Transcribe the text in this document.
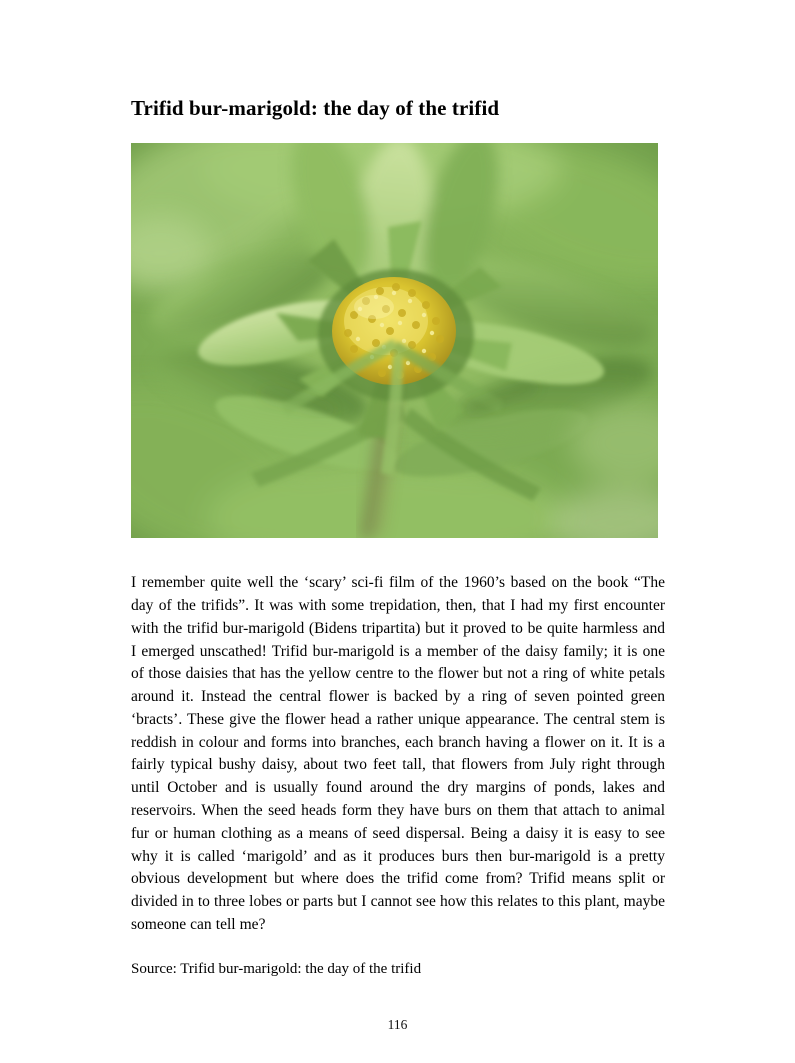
Trifid bur-marigold: the day of the trifid

I remember quite well the ‘scary’ sci-fi film of the 1960’s based on the book “The day of the trifids”. It was with some trepidation, then, that I had my first encounter with the trifid bur-marigold (Bidens tripartita) but it proved to be quite harmless and I emerged unscathed! Trifid bur-marigold is a member of the daisy family; it is one of those daisies that has the yellow centre to the flower but not a ring of white petals around it. Instead the central flower is backed by a ring of seven pointed green ‘bracts’. These give the flower head a rather unique appearance. The central stem is reddish in colour and forms into branches, each branch having a flower on it. It is a fairly typical bushy daisy, about two feet tall, that flowers from July right through until October and is usually found around the dry margins of ponds, lakes and reservoirs. When the seed heads form they have burs on them that attach to animal fur or human clothing as a means of seed dispersal. Being a daisy it is easy to see why it is called ‘marigold’ and as it produces burs then bur-marigold is a pretty obvious development but where does the trifid come from? Trifid means split or divided in to three lobes or parts but I cannot see how this relates to this plant, maybe someone can tell me?

Source: Trifid bur-marigold: the day of the trifid

116
